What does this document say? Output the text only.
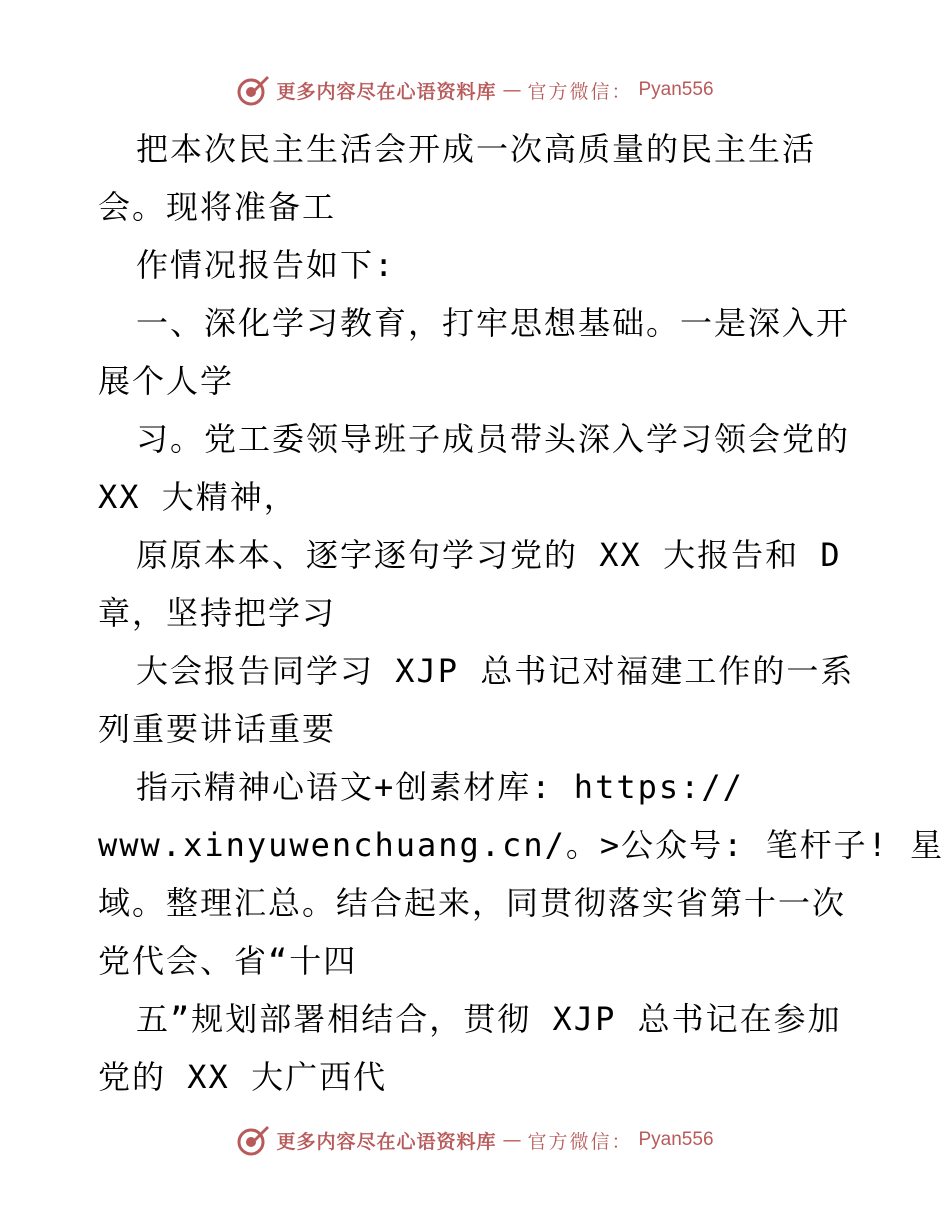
更多内容尽在心语资料库 — 官方微信： Pyan556
把本次民主生活会开成一次高质量的民主生活
会。现将准备工
作情况报告如下:
一、深化学习教育，打牢思想基础。一是深入开
展个人学
习。党工委领导班子成员带头深入学习领会党的
XX 大精神，
原原本本、逐字逐句学习党的 XX 大报告和 D
章，坚持把学习
大会报告同学习 XJP 总书记对福建工作的一系
列重要讲话重要
指示精神心语文+创素材库: https://
www.xinyuwenchuang.cn/。>公众号: 笔杆子! 星
域。整理汇总。结合起来，同贯彻落实省第十一次
党代会、省“十四
五”规划部署相结合，贯彻 XJP 总书记在参加
党的 XX 大广西代
更多内容尽在心语资料库 — 官方微信： Pyan556
